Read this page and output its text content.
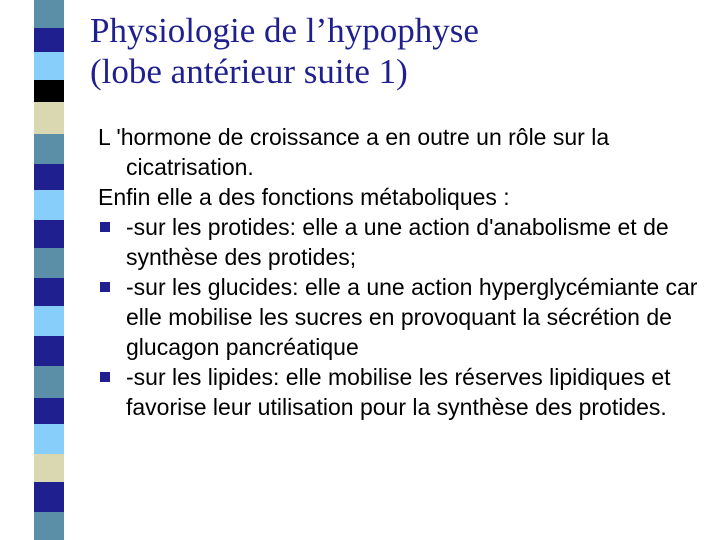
Physiologie de l’hypophyse
(lobe antérieur suite 1)
L 'hormone de croissance a en outre un rôle sur la cicatrisation.
Enfin elle a des fonctions métaboliques :
-sur les protides: elle a une action d'anabolisme et de synthèse des protides;
-sur les glucides: elle a une action hyperglycémiante car elle mobilise les sucres en provoquant la sécrétion de glucagon pancréatique
-sur les lipides: elle mobilise les réserves lipidiques et favorise leur utilisation pour la synthèse des protides.
